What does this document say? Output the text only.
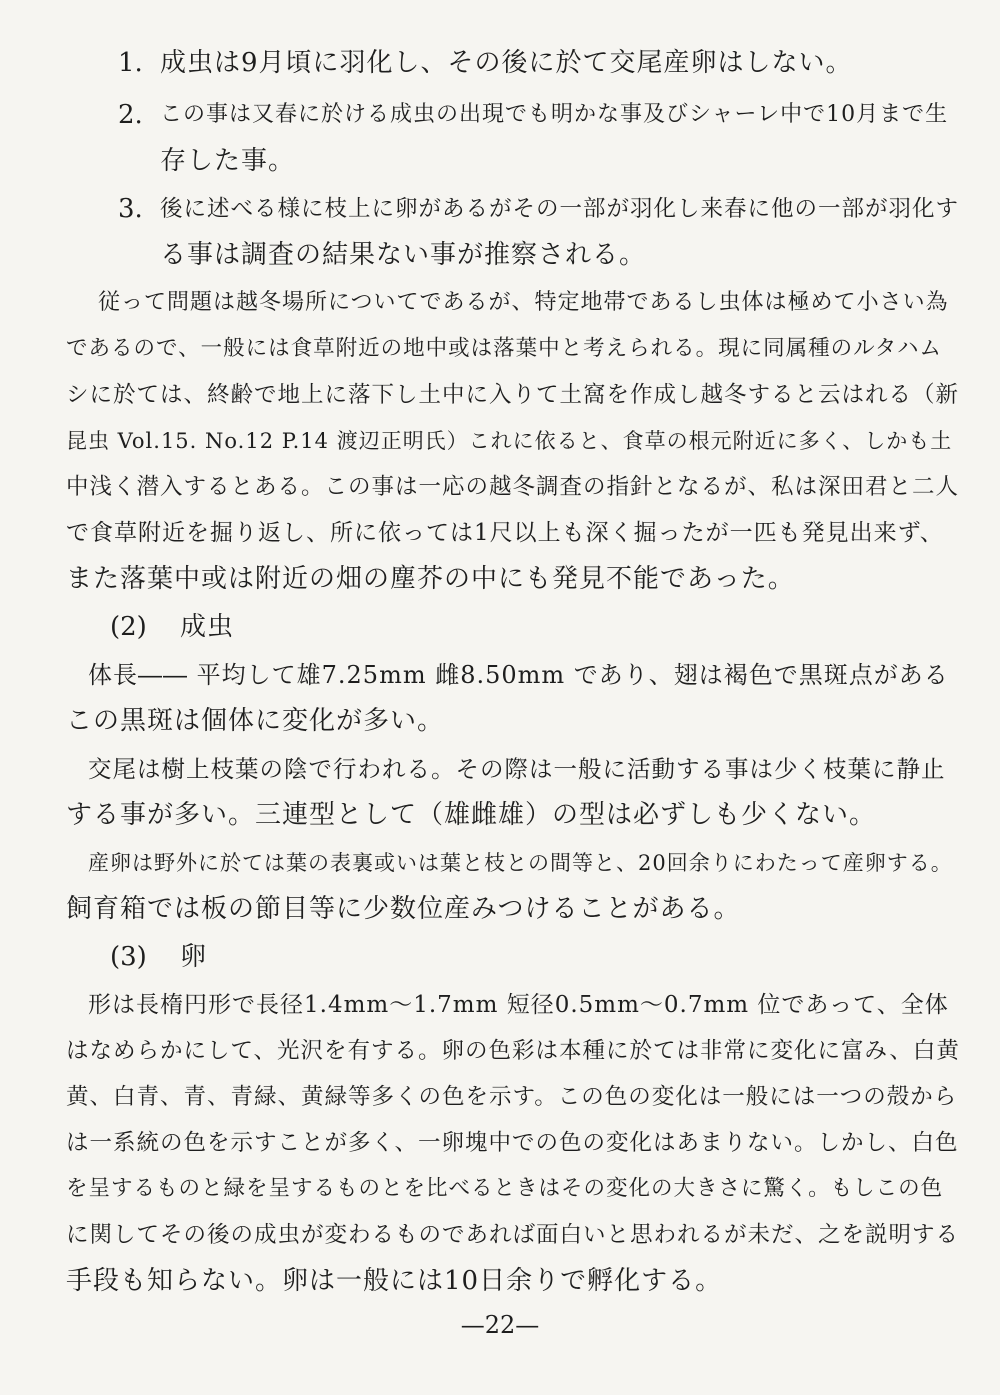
1. 成虫は9月頃に羽化し、その後に於て交尾産卵はしない。
2. この事は又春に於ける成虫の出現でも明かな事及びシャーレ中で10月まで生
存した事。
3. 後に述べる様に枝上に卵があるがその一部が羽化し来春に他の一部が羽化す
る事は調査の結果ない事が推察される。
従って問題は越冬場所についてであるが、特定地帯であるし虫体は極めて小さい為
であるので、一般には食草附近の地中或は落葉中と考えられる。現に同属種のルタハム
シに於ては、終齢で地上に落下し土中に入りて土窩を作成し越冬すると云はれる（新
昆虫 Vol.15. No.12 P.14 渡辺正明氏）これに依ると、食草の根元附近に多く、しかも土
中浅く潜入するとある。この事は一応の越冬調査の指針となるが、私は深田君と二人
で食草附近を掘り返し、所に依っては1尺以上も深く掘ったが一匹も発見出来ず、
また落葉中或は附近の畑の塵芥の中にも発見不能であった。
(2) 成虫
体長―― 平均して雄7.25mm 雌8.50mm であり、翅は褐色で黒斑点がある
この黒斑は個体に変化が多い。
交尾は樹上枝葉の陰で行われる。その際は一般に活動する事は少く枝葉に静止
する事が多い。三連型として（雄雌雄）の型は必ずしも少くない。
産卵は野外に於ては葉の表裏或いは葉と枝との間等と、20回余りにわたって産卵する。
飼育箱では板の節目等に少数位産みつけることがある。
(3) 卵
形は長楕円形で長径1.4mm〜1.7mm 短径0.5mm〜0.7mm 位であって、全体
はなめらかにして、光沢を有する。卵の色彩は本種に於ては非常に変化に富み、白黄
黄、白青、青、青緑、黄緑等多くの色を示す。この色の変化は一般には一つの殻から
は一系統の色を示すことが多く、一卵塊中での色の変化はあまりない。しかし、白色
を呈するものと緑を呈するものとを比べるときはその変化の大きさに驚く。もしこの色
に関してその後の成虫が変わるものであれば面白いと思われるが未だ、之を説明する
手段も知らない。卵は一般には10日余りで孵化する。
—22—
